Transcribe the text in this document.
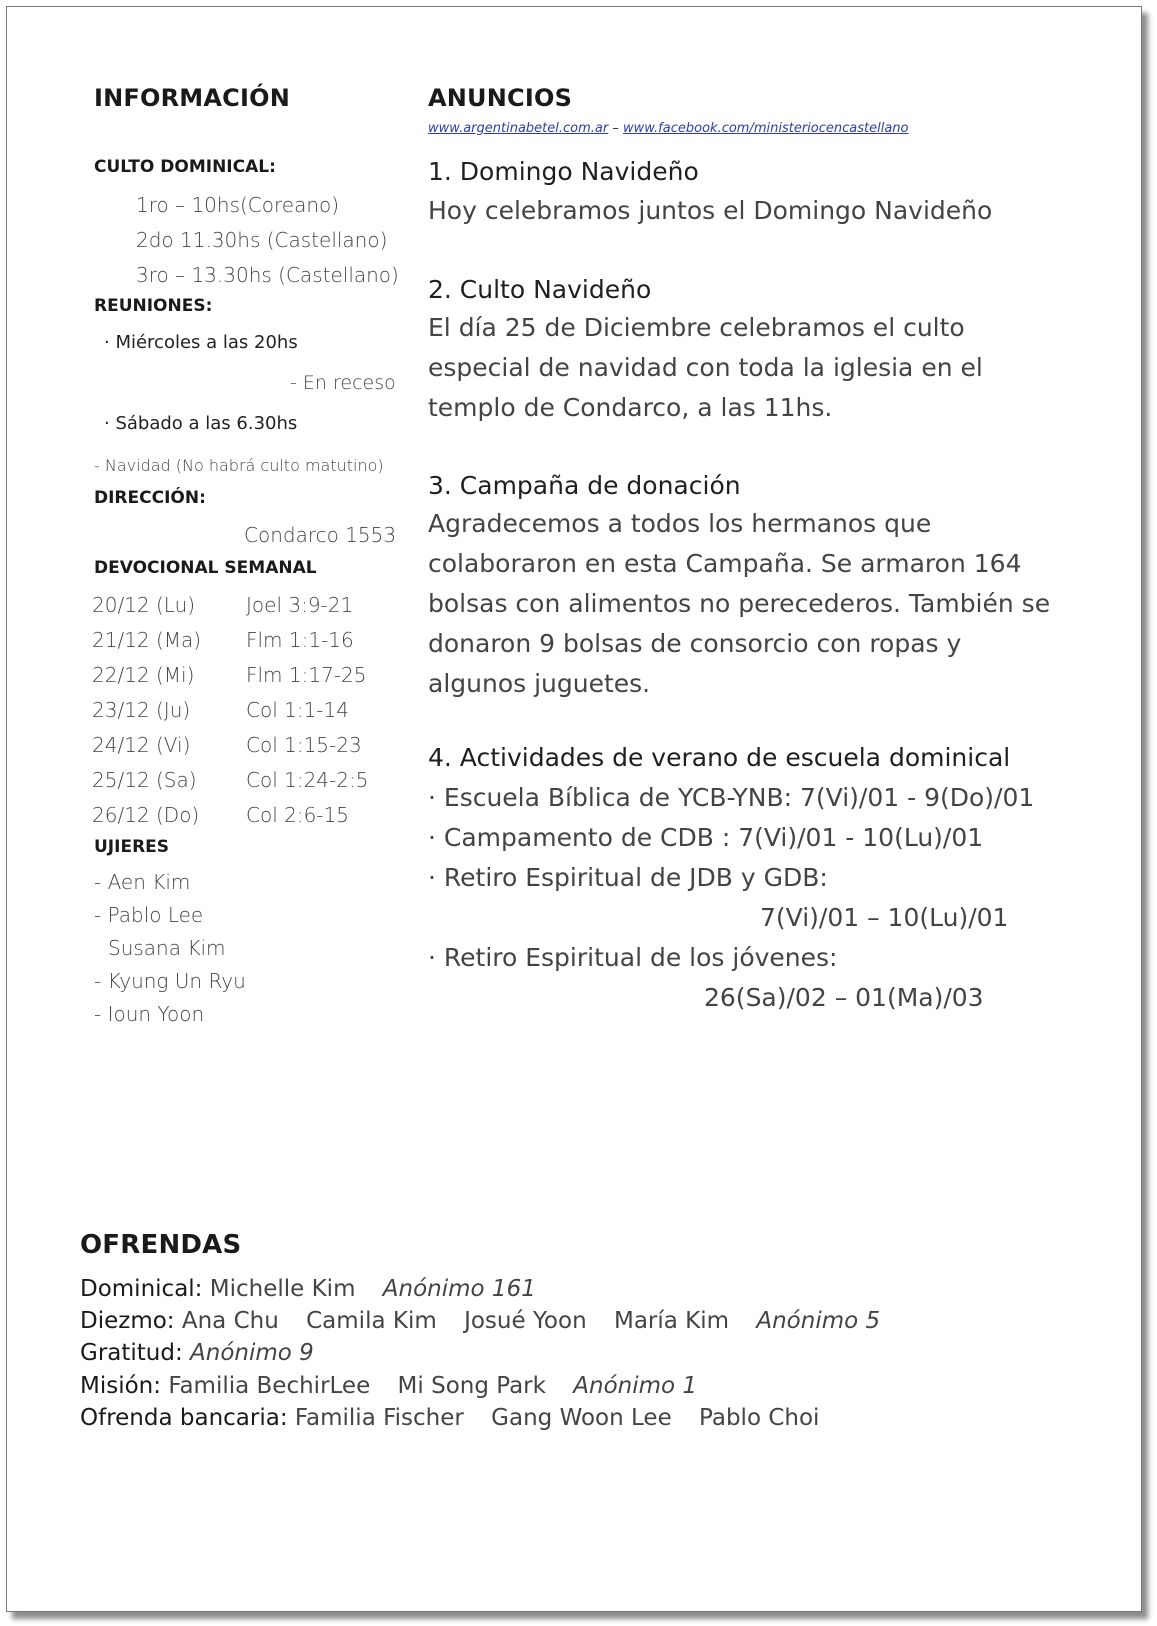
INFORMACIÓN
CULTO DOMINICAL:
1ro – 10hs(Coreano)
2do 11.30hs (Castellano)
3ro – 13.30hs (Castellano)
REUNIONES:
· Miércoles a las 20hs
- En receso
· Sábado a las 6.30hs
- Navidad (No habrá culto matutino)
DIRECCIÓN:
Condarco 1553
DEVOCIONAL SEMANAL
20/12 (Lu)	Joel 3:9-21
21/12 (Ma) Flm 1:1-16
22/12 (Mi)	Flm 1:17-25
23/12 (Ju)	Col 1:1-14
24/12 (Vi)	Col 1:15-23
25/12 (Sa) Col 1:24-2:5
26/12 (Do) Col 2:6-15
UJIERES
- Aen Kim
- Pablo Lee
Susana Kim
- Kyung Un Ryu
- Ioun Yoon
ANUNCIOS
www.argentinabetel.com.ar – www.facebook.com/ministeriocencastellano
1. Domingo Navideño
Hoy celebramos juntos el Domingo Navideño
2. Culto Navideño
El día 25 de Diciembre celebramos el culto especial de navidad con toda la iglesia en el templo de Condarco, a las 11hs.
3. Campaña de donación
Agradecemos a todos los hermanos que colaboraron en esta Campaña. Se armaron 164 bolsas con alimentos no perecederos. También se donaron 9 bolsas de consorcio con ropas y algunos juguetes.
4. Actividades de verano de escuela dominical
· Escuela Bíblica de YCB-YNB: 7(Vi)/01 - 9(Do)/01
· Campamento de CDB : 7(Vi)/01 - 10(Lu)/01
· Retiro Espiritual de JDB y GDB:
7(Vi)/01 – 10(Lu)/01
· Retiro Espiritual de los jóvenes:
26(Sa)/02 – 01(Ma)/03
OFRENDAS
Dominical: Michelle Kim Anónimo 161
Diezmo: Ana Chu Camila Kim Josué Yoon María Kim Anónimo 5
Gratitud: Anónimo 9
Misión: Familia BechirLee Mi Song Park Anónimo 1
Ofrenda bancaria: Familia Fischer Gang Woon Lee Pablo Choi
